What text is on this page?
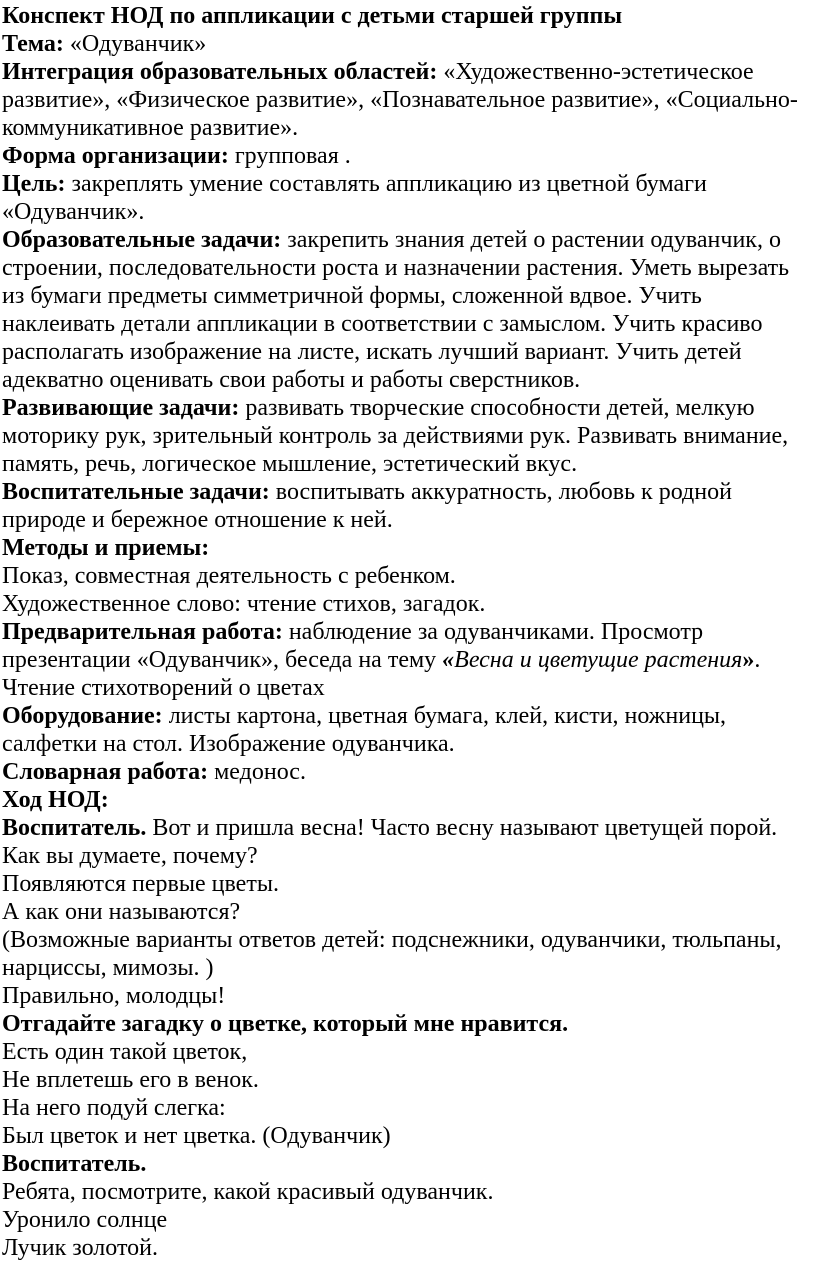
Конспект НОД по аппликации с детьми старшей группы

Тема: «Одуванчик»

Интеграция образовательных областей: «Художественно-эстетическое развитие», «Физическое развитие», «Познавательное развитие», «Социально-коммуникативное развитие».

Форма организации: групповая .

Цель: закреплять умение составлять аппликацию из цветной бумаги «Одуванчик».

Образовательные задачи: закрепить знания детей о растении одуванчик, о строении, последовательности роста и назначении растения. Уметь вырезать из бумаги предметы симметричной формы, сложенной вдвое. Учить наклеивать детали аппликации в соответствии с замыслом. Учить красиво располагать изображение на листе, искать лучший вариант. Учить детей адекватно оценивать свои работы и работы сверстников.

Развивающие задачи: развивать творческие способности детей, мелкую моторику рук, зрительный контроль за действиями рук. Развивать внимание, память, речь, логическое мышление, эстетический вкус.

Воспитательные задачи: воспитывать аккуратность, любовь к родной природе и бережное отношение к ней.

Методы и приемы:

Показ, совместная деятельность с ребенком.

Художественное слово: чтение стихов, загадок.

Предварительная работа: наблюдение за одуванчиками. Просмотр презентации «Одуванчик», беседа на тему «Весна и цветущие растения».

Чтение стихотворений о цветах

Оборудование: листы картона, цветная бумага, клей, кисти, ножницы, салфетки на стол. Изображение одуванчика.

Словарная работа: медонос.

Ход НОД:

Воспитатель. Вот и пришла весна! Часто весну называют цветущей порой. Как вы думаете, почему?

Появляются первые цветы.

А как они называются?

(Возможные варианты ответов детей: подснежники, одуванчики, тюльпаны, нарциссы, мимозы. )

Правильно, молодцы!

Отгадайте загадку о цветке, который мне нравится.

Есть один такой цветок,

Не вплетешь его в венок.

На него подуй слегка:

Был цветок и нет цветка. (Одуванчик)

Воспитатель.

Ребята, посмотрите, какой красивый одуванчик.

Уронило солнце

Лучик золотой.
